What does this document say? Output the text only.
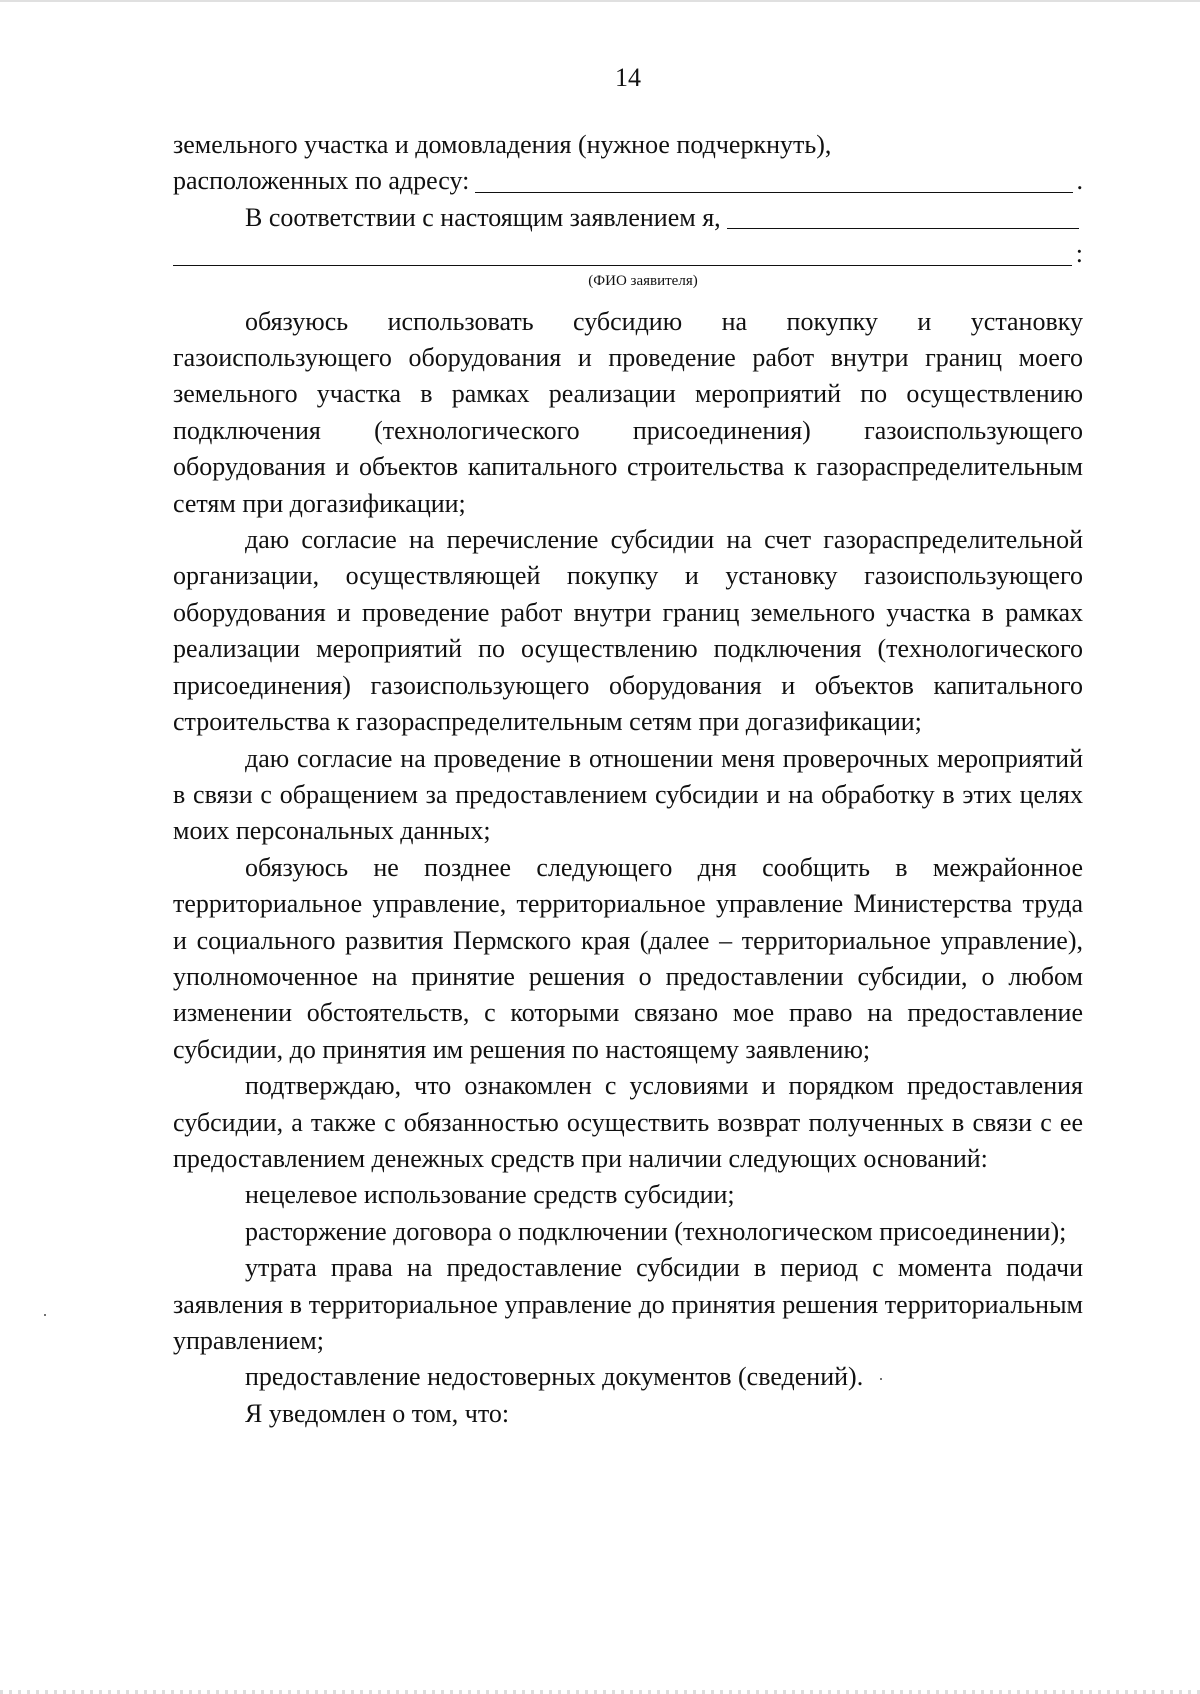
14

земельного участка и домовладения (нужное подчеркнуть),

расположенных по адресу:	.
В соответствии с настоящим заявлением я,
:
(ФИО заявителя)

обязуюсь использовать субсидию на покупку и установку газоиспользующего оборудования и проведение работ внутри границ моего земельного участка в рамках реализации мероприятий по осуществлению подключения (технологического присоединения) газоиспользующего оборудования и объектов капитального строительства к газораспределительным сетям при догазификации;

даю согласие на перечисление субсидии на счет газораспределительной организации, осуществляющей покупку и установку газоиспользующего оборудования и проведение работ внутри границ земельного участка в рамках реализации мероприятий по осуществлению подключения (технологического присоединения) газоиспользующего оборудования и объектов капитального строительства к газораспределительным сетям при догазификации;

даю согласие на проведение в отношении меня проверочных мероприятий в связи с обращением за предоставлением субсидии и на обработку в этих целях моих персональных данных;

обязуюсь не позднее следующего дня сообщить в межрайонное территориальное управление, территориальное управление Министерства труда и социального развития Пермского края (далее – территориальное управление), уполномоченное на принятие решения о предоставлении субсидии, о любом изменении обстоятельств, с которыми связано мое право на предоставление субсидии, до принятия им решения по настоящему заявлению;

подтверждаю, что ознакомлен с условиями и порядком предоставления субсидии, а также с обязанностью осуществить возврат полученных в связи с ее предоставлением денежных средств при наличии следующих оснований:

нецелевое использование средств субсидии;

расторжение договора о подключении (технологическом присоединении);

утрата права на предоставление субсидии в период с момента подачи заявления в территориальное управление до принятия решения территориальным управлением;

предоставление недостоверных документов (сведений).

Я уведомлен о том, что:
